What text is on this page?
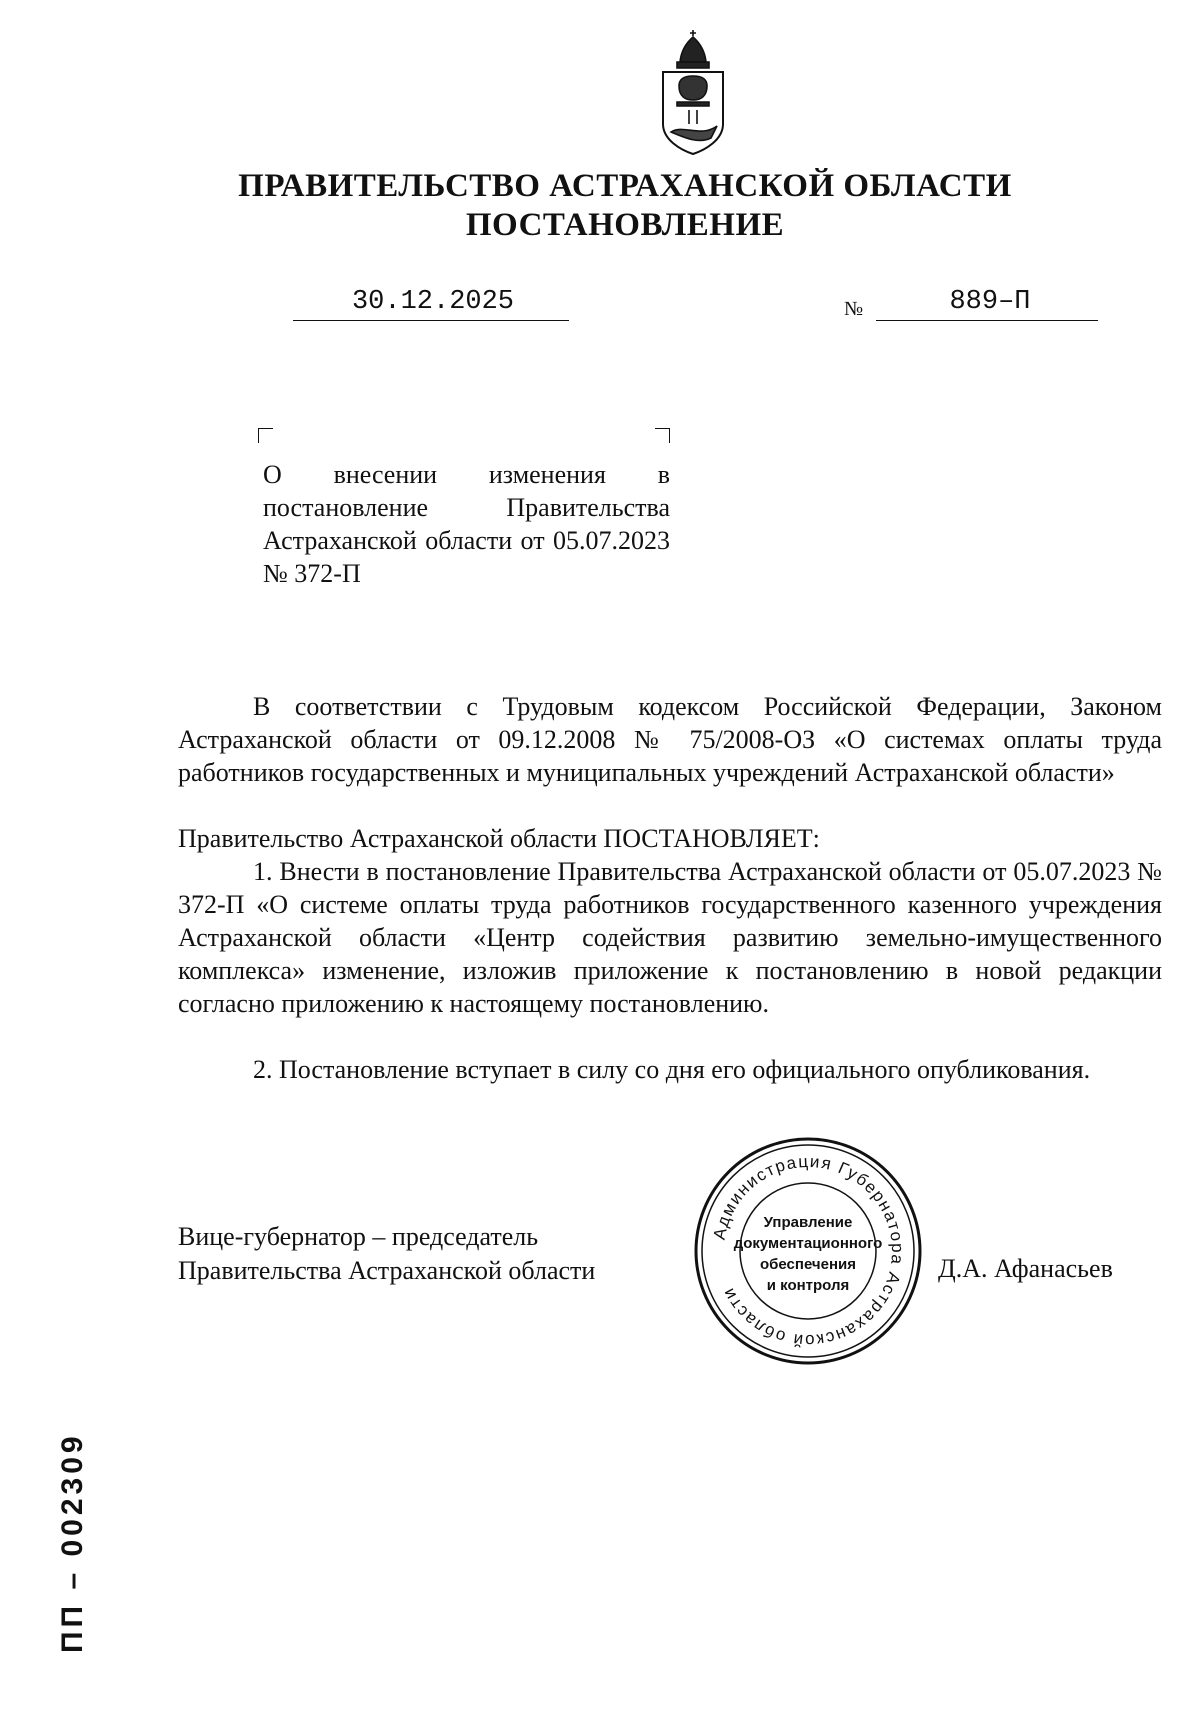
ПРАВИТЕЛЬСТВО АСТРАХАНСКОЙ ОБЛАСТИ
ПОСТАНОВЛЕНИЕ
30.12.2025	№	889–П
О внесении изменения в постановление Правительства Астраханской области от 05.07.2023 № 372-П
В соответствии с Трудовым кодексом Российской Федерации, Законом Астраханской области от 09.12.2008 № 75/2008-ОЗ «О системах оплаты труда работников государственных и муниципальных учреждений Астраханской области»
Правительство Астраханской области ПОСТАНОВЛЯЕТ:
1. Внести в постановление Правительства Астраханской области от 05.07.2023 № 372-П «О системе оплаты труда работников государственного казенного учреждения Астраханской области «Центр содействия развитию земельно-имущественного комплекса» изменение, изложив приложение к постановлению в новой редакции согласно приложению к настоящему постановлению.
2. Постановление вступает в силу со дня его официального опубликования.
Вице-губернатор – председатель
Правительства Астраханской области	Д.А. Афанасьев
Администрация Губернатора Астраханской области
Управление
документационного
обеспечения
и контроля
ПП – 002309
